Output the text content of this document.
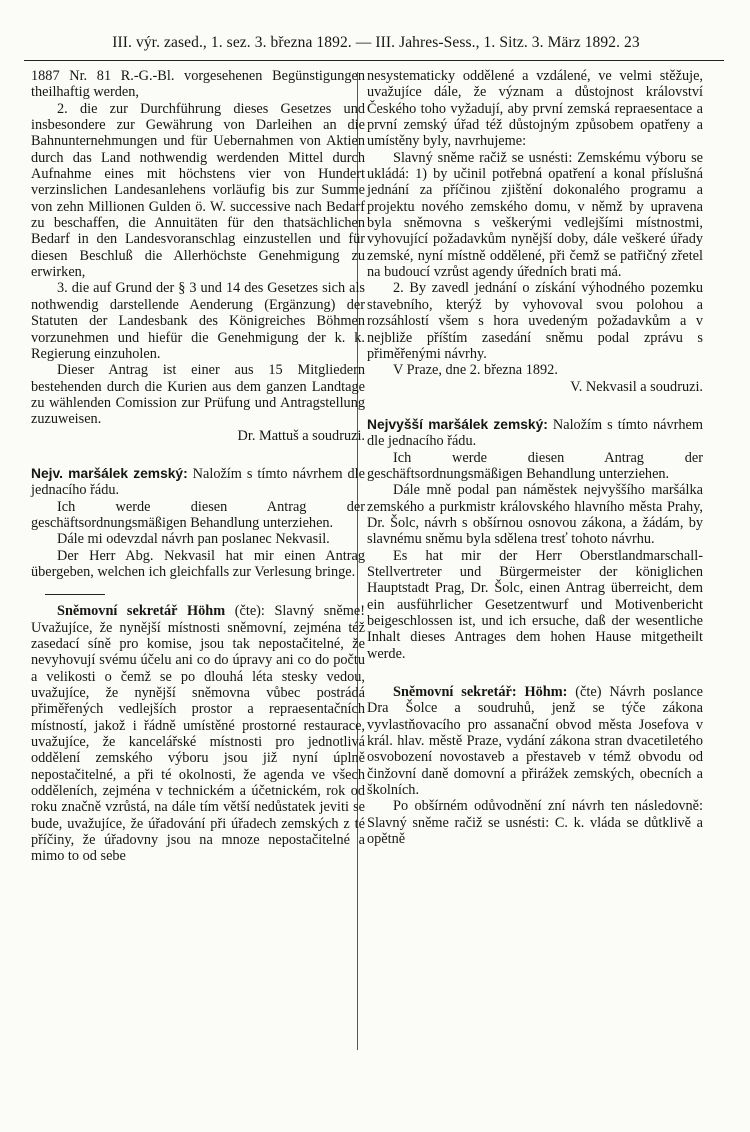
III. výr. zased., 1. sez. 3. března 1892. — III. Jahres-Sess., 1. Sitz. 3. März 1892. 23

1887 Nr. 81 R.-G.-Bl. vorgesehenen Begünstigungen theilhaftig werden,

2. die zur Durchführung dieses Gesetzes und insbesondere zur Gewährung von Darleihen an die Bahnunternehmungen und für Uebernahmen von Aktien durch das Land nothwendig werdenden Mittel durch Aufnahme eines mit höchstens vier von Hundert verzinslichen Landesanlehens vorläufig bis zur Summe von zehn Millionen Gulden ö. W. successive nach Bedarf zu beschaffen, die Annuitäten für den thatsächlichen Bedarf in den Landesvoranschlag einzustellen und für diesen Beschluß die Allerhöchste Genehmigung zu erwirken,

3. die auf Grund der § 3 und 14 des Gesetzes sich als nothwendig darstellende Aenderung (Ergänzung) der Statuten der Landesbank des Königreiches Böhmen vorzunehmen und hiefür die Genehmigung der k. k. Regierung einzuholen.

Dieser Antrag ist einer aus 15 Mitgliedern bestehenden durch die Kurien aus dem ganzen Landtage zu wählenden Comission zur Prüfung und Antragstellung zuzuweisen.

Dr. Mattuš a soudruzi.

Nejv. maršálek zemský: Naložím s tímto návrhem dle jednacího řádu.

Ich werde diesen Antrag der geschäftsordnungsmäßigen Behandlung unterziehen.

Dále mi odevzdal návrh pan poslanec Nekvasil.

Der Herr Abg. Nekvasil hat mir einen Antrag übergeben, welchen ich gleichfalls zur Verlesung bringe.

Sněmovní sekretář Höhm (čte): Slavný sněme! Uvažujíce, že nynější místnosti sněmovní, zejména též zasedací síně pro komise, jsou tak nepostačitelné, že nevyhovují svému účelu ani co do úpravy ani co do počtu a velikosti o čemž se po dlouhá léta stesky vedou, uvažujíce, že nynější sněmovna vůbec postrádá přiměřených vedlejších prostor a repraesentačních místností, jakož i řádně umístěné prostorné restaurace, uvažujíce, že kancelářské místnosti pro jednotlivá oddělení zemského výboru jsou již nyní úplně nepostačitelné, a při té okolnosti, že agenda ve všech odděleních, zejména v technickém a účetnickém, rok od roku značně vzrůstá, na dále tím větší nedůstatek jeviti se bude, uvažujíce, že úřadování při úřadech zemských z té příčiny, že úřadovny jsou na mnoze nepostačitelné a mimo to od sebe

nesystematicky oddělené a vzdálené, ve velmi stěžuje, uvažujíce dále, že význam a důstojnost království Českého toho vyžadují, aby první zemská repraesentace a první zemský úřad též důstojným způsobem opatřeny a umístěny byly, navrhujeme:

Slavný sněme račiž se usnésti: Zemskému výboru se ukládá: 1) by učinil potřebná opatření a konal příslušná jednání za příčinou zjištění dokonalého programu a projektu nového zemského domu, v němž by upravena byla sněmovna s veškerými vedlejšími místnostmi, vyhovující požadavkům nynější doby, dále veškeré úřady zemské, nyní místně oddělené, při čemž se patřičný zřetel na budoucí vzrůst agendy úředních brati má.

2. By zavedl jednání o získání výhodného pozemku stavebního, kterýž by vyhovoval svou polohou a rozsáhlostí všem s hora uvedeným požadavkům a v nejbliže příštím zasedání sněmu podal zprávu s přiměřenými návrhy.

V Praze, dne 2. března 1892.

V. Nekvasil a soudruzi.

Nejvyšší maršálek zemský: Naložím s tímto návrhem dle jednacího řádu.

Ich werde diesen Antrag der geschäftsordnungsmäßigen Behandlung unterziehen.

Dále mně podal pan náměstek nejvyššího maršálka zemského a purkmistr královského hlavního města Prahy, Dr. Šolc, návrh s obšírnou osnovou zákona, a žádám, by slavnému sněmu byla sdělena tresť tohoto návrhu.

Es hat mir der Herr Oberstlandmarschall-Stellvertreter und Bürgermeister der königlichen Hauptstadt Prag, Dr. Šolc, einen Antrag überreicht, dem ein ausführlicher Gesetzentwurf und Motivenbericht beigeschlossen ist, und ich ersuche, daß der wesentliche Inhalt dieses Antrages dem hohen Hause mitgetheilt werde.

Sněmovní sekretář: Höhm: (čte) Návrh poslance Dra Šolce a soudruhů, jenž se týče zákona vyvlastňovacího pro assanační obvod města Josefova v král. hlav. městě Praze, vydání zákona stran dvacetiletého osvobození novostaveb a přestaveb v témž obvodu od činžovní daně domovní a přirážek zemských, obecních a školních.

Po obšírném odůvodnění zní návrh ten následovně: Slavný sněme račiž se usnésti: C. k. vláda se důtklivě a opětně
